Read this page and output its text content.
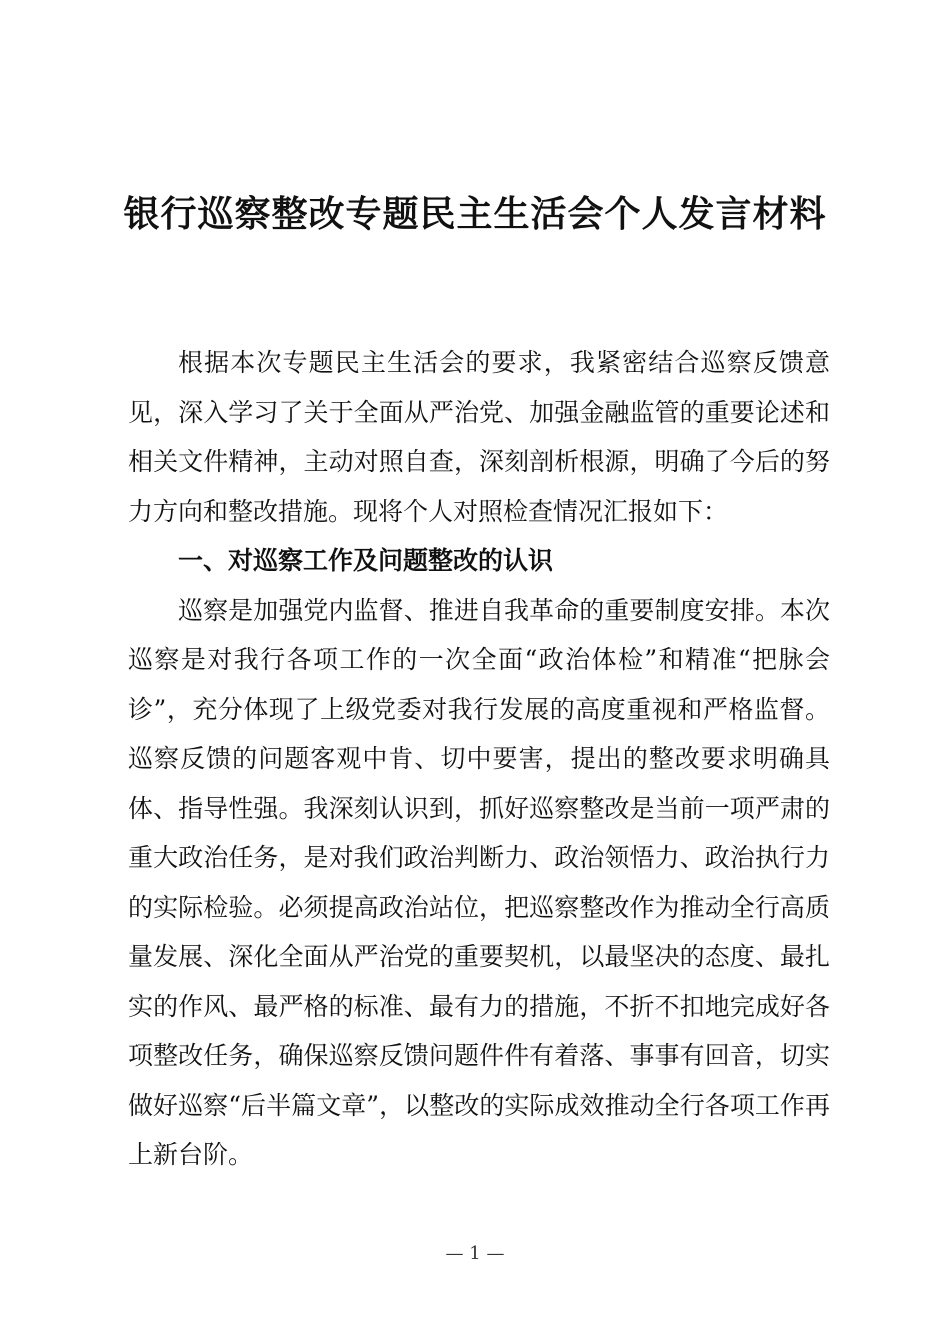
银行巡察整改专题民主生活会个人发言材料

根据本次专题民主生活会的要求，我紧密结合巡察反馈意见，深入学习了关于全面从严治党、加强金融监管的重要论述和相关文件精神，主动对照自查，深刻剖析根源，明确了今后的努力方向和整改措施。现将个人对照检查情况汇报如下：

一、对巡察工作及问题整改的认识

巡察是加强党内监督、推进自我革命的重要制度安排。本次巡察是对我行各项工作的一次全面“政治体检”和精准“把脉会诊”，充分体现了上级党委对我行发展的高度重视和严格监督。巡察反馈的问题客观中肯、切中要害，提出的整改要求明确具体、指导性强。我深刻认识到，抓好巡察整改是当前一项严肃的重大政治任务，是对我们政治判断力、政治领悟力、政治执行力的实际检验。必须提高政治站位，把巡察整改作为推动全行高质量发展、深化全面从严治党的重要契机，以最坚决的态度、最扎实的作风、最严格的标准、最有力的措施，不折不扣地完成好各项整改任务，确保巡察反馈问题件件有着落、事事有回音，切实做好巡察“后半篇文章”，以整改的实际成效推动全行各项工作再上新台阶。

— 1 —
